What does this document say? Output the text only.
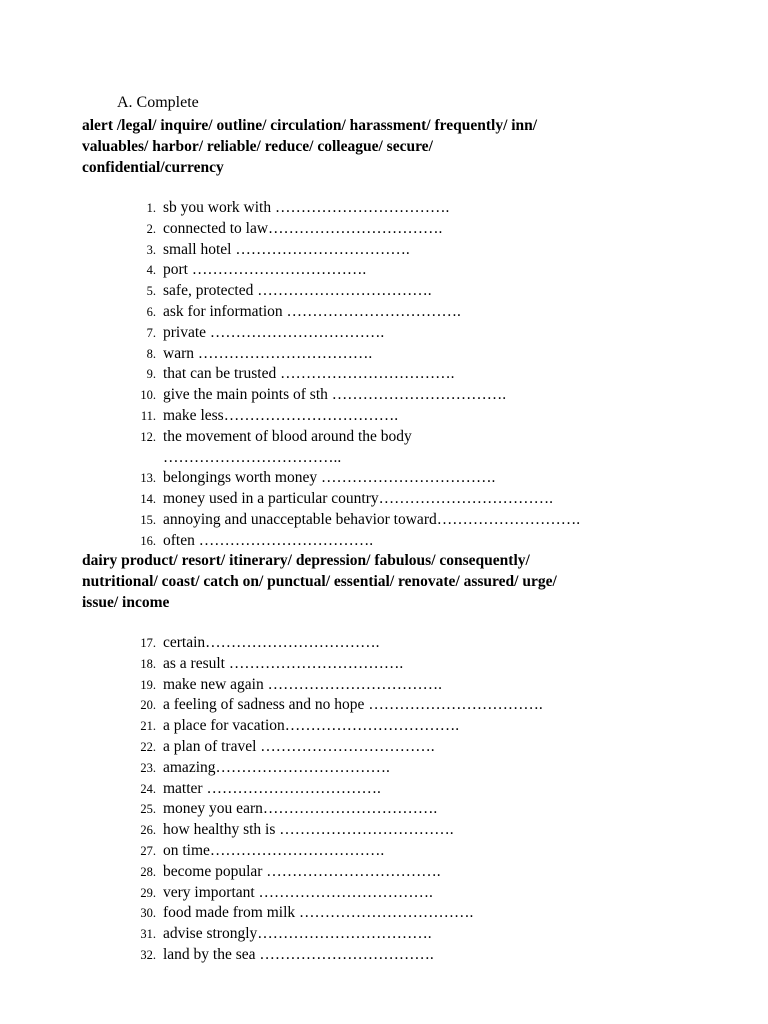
A. Complete

alert /legal/ inquire/ outline/ circulation/ harassment/ frequently/ inn/
valuables/ harbor/ reliable/ reduce/ colleague/ secure/
confidential/currency

1. sb you work with …………………………….
2. connected to law…………………………….
3. small hotel …………………………….
4. port …………………………….
5. safe, protected …………………………….
6. ask for information …………………………….
7. private …………………………….
8. warn …………………………….
9. that can be trusted …………………………….
10. give the main points of sth …………………………….
11. make less…………………………….
12. the movement of blood around the body
……………………………..
13. belongings worth money …………………………….
14. money used in a particular country…………………………….
15. annoying and unacceptable behavior toward……………………….
16. often …………………………….

dairy product/ resort/ itinerary/ depression/ fabulous/ consequently/
nutritional/ coast/ catch on/ punctual/ essential/ renovate/ assured/ urge/
issue/ income

17. certain…………………………….
18. as a result …………………………….
19. make new again …………………………….
20. a feeling of sadness and no hope …………………………….
21. a place for vacation…………………………….
22. a plan of travel …………………………….
23. amazing…………………………….
24. matter …………………………….
25. money you earn…………………………….
26. how healthy sth is …………………………….
27. on time…………………………….
28. become popular …………………………….
29. very important …………………………….
30. food made from milk …………………………….
31. advise strongly…………………………….
32. land by the sea …………………………….
